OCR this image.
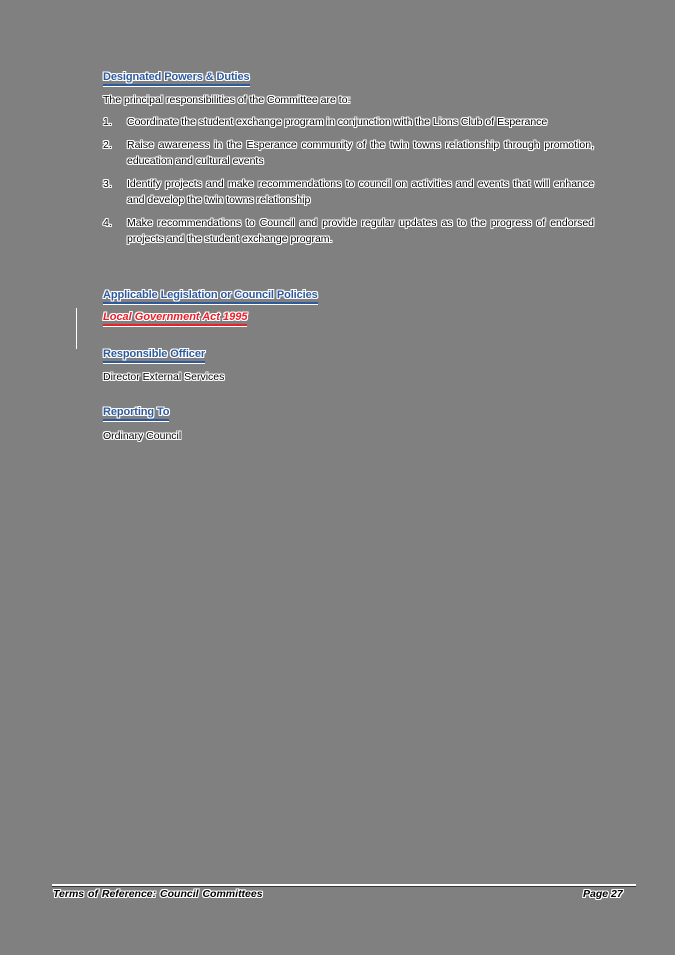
Designated Powers & Duties
The principal responsibilities of the Committee are to:
1. Coordinate the student exchange program in conjunction with the Lions Club of Esperance
2. Raise awareness in the Esperance community of the twin towns relationship through promotion, education and cultural events
3. Identify projects and make recommendations to council on activities and events that will enhance and develop the twin towns relationship
4. Make recommendations to Council and provide regular updates as to the progress of endorsed projects and the student exchange program.
Applicable Legislation or Council Policies
Local Government Act 1995
Responsible Officer
Director External Services
Reporting To
Ordinary Council
Terms of Reference: Council Committees	Page 27
